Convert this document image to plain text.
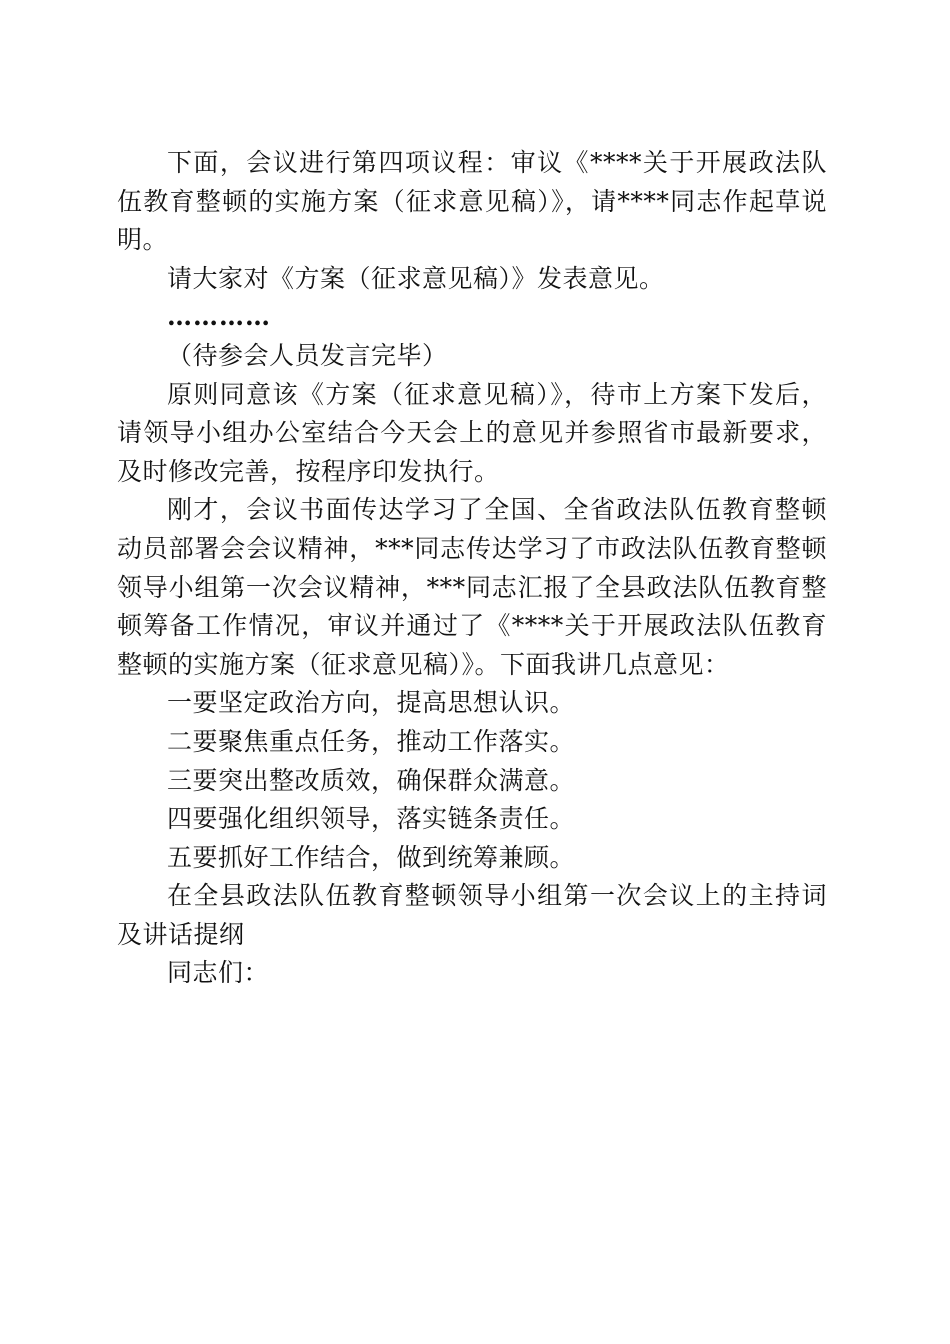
下面，会议进行第四项议程：审议《****关于开展政法队伍教育整顿的实施方案（征求意见稿）》，请****同志作起草说明。

请大家对《方案（征求意见稿）》发表意见。

…………

（待参会人员发言完毕）

原则同意该《方案（征求意见稿）》，待市上方案下发后，请领导小组办公室结合今天会上的意见并参照省市最新要求，及时修改完善，按程序印发执行。

刚才，会议书面传达学习了全国、全省政法队伍教育整顿动员部署会会议精神，***同志传达学习了市政法队伍教育整顿领导小组第一次会议精神，***同志汇报了全县政法队伍教育整顿筹备工作情况，审议并通过了《****关于开展政法队伍教育整顿的实施方案（征求意见稿）》。下面我讲几点意见：

一要坚定政治方向，提高思想认识。

二要聚焦重点任务，推动工作落实。

三要突出整改质效，确保群众满意。

四要强化组织领导，落实链条责任。

五要抓好工作结合，做到统筹兼顾。

在全县政法队伍教育整顿领导小组第一次会议上的主持词及讲话提纲

同志们：
